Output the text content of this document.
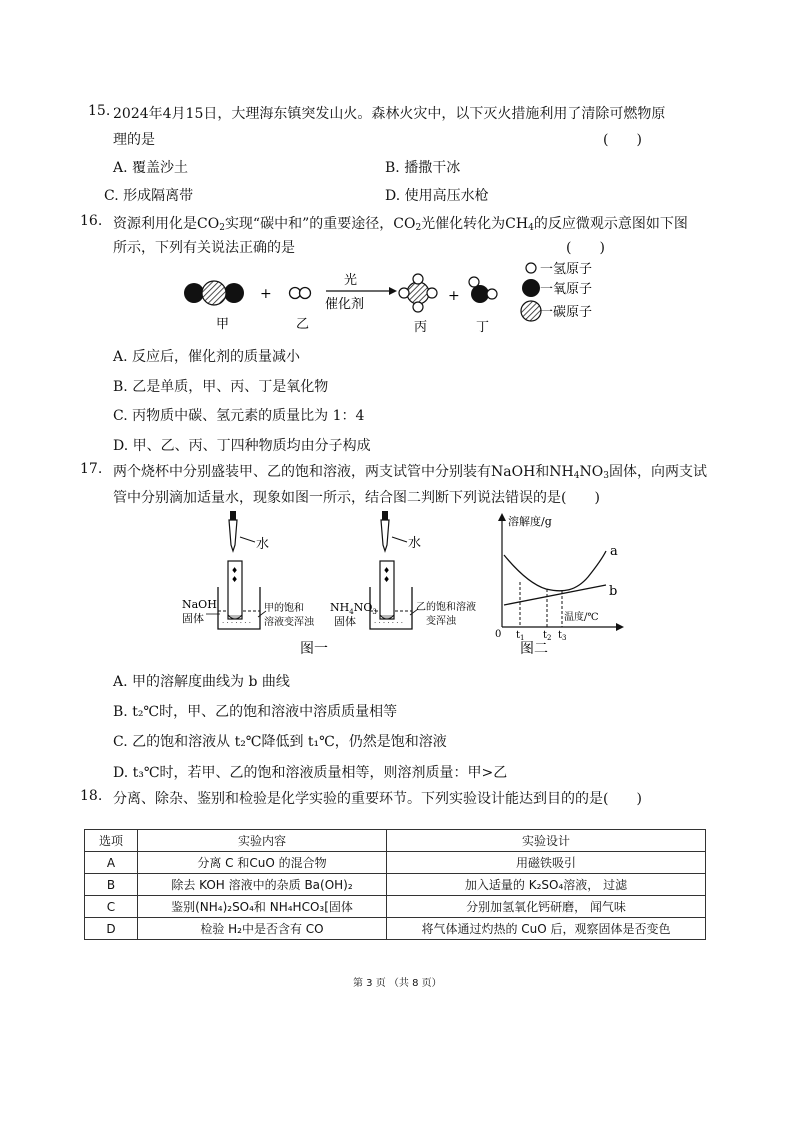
15. 2024年4月15日，大理海东镇突发山火。森林火灾中，以下灭火措施利用了清除可燃物原
理的是	(　　)
A. 覆盖沙土	B. 播撒干冰
C. 形成隔离带	D. 使用高压水枪
16. 资源利用化是$CO_2$实现“碳中和”的重要途径，$CO_2$光催化转化为$CH_4$的反应微观示意图如下图
所示，下列有关说法正确的是	(　　)
+
光
催化剂
+
一氢原子
一氧原子
一碳原子
甲	乙	丙	丁
A. 反应后，催化剂的质量减小
B. 乙是单质，甲、丙、丁是氧化物
C. 丙物质中碳、氢元素的质量比为 1：4
D. 甲、乙、丙、丁四种物质均由分子构成
17. 两个烧杯中分别盛装甲、乙的饱和溶液，两支试管中分别装有NaOH和$NH_4NO_3$固体，向两支试
管中分别滴加适量水，现象如图一所示，结合图二判断下列说法错误的是(　　)
水
♦
♦
· · · · · · ·
NaOH
固体
甲的饱和
溶液变浑浊
水
♦
♦
· · · · · · ·
$NH_4NO_3$
固体
乙的饱和溶液
变浑浊
图一
溶解度/g
温度/℃
0
a
b
$t_1$ $t_2$ $t_3$
图二
A. 甲的溶解度曲线为 b 曲线
B. t₂℃时，甲、乙的饱和溶液中溶质质量相等
C. 乙的饱和溶液从 t₂℃降低到 t₁℃，仍然是饱和溶液
D. t₃℃时，若甲、乙的饱和溶液质量相等，则溶剂质量：甲>乙
18. 分离、除杂、鉴别和检验是化学实验的重要环节。下列实验设计能达到目的的是(　　)
选项	实验内容	实验设计
A	分离 C 和CuO 的混合物	用磁铁吸引
B	除去 KOH 溶液中的杂质 Ba(OH)₂	加入适量的 K₂SO₄溶液， 过滤
C	鉴别(NH₄)₂SO₄和 NH₄HCO₃[固体	分别加氢氧化钙研磨， 闻气味
D	检验 H₂中是否含有 CO	将气体通过灼热的 CuO 后，观察固体是否变色
第 3 页 （共 8 页）
